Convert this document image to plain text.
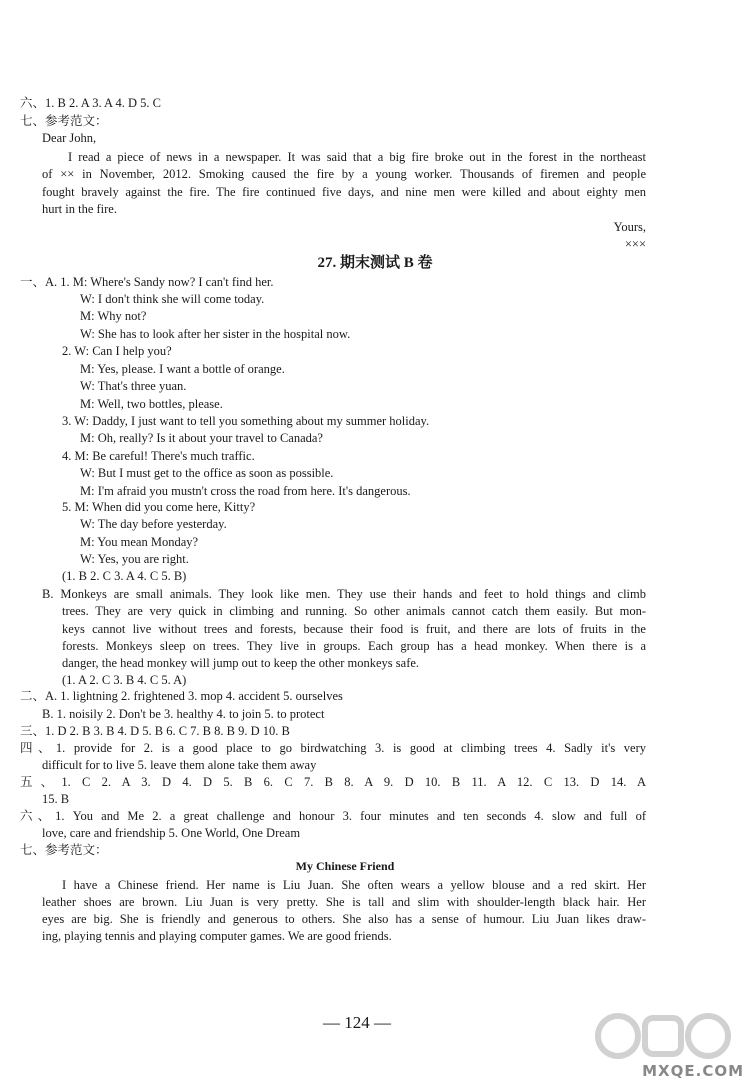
六、1. B 2. A 3. A 4. D 5. C
七、参考范文：
Dear John,
I read a piece of news in a newspaper. It was said that a big fire broke out in the forest in the northeast
of ×× in November, 2012. Smoking caused the fire by a young worker. Thousands of firemen and people
fought bravely against the fire. The fire continued five days, and nine men were killed and about eighty men
hurt in the fire.
Yours,
×××
27. 期末测试 B 卷
一、A. 1. M: Where's Sandy now? I can't find her.
W: I don't think she will come today.
M: Why not?
W: She has to look after her sister in the hospital now.
2. W: Can I help you?
M: Yes, please. I want a bottle of orange.
W: That's three yuan.
M: Well, two bottles, please.
3. W: Daddy, I just want to tell you something about my summer holiday.
M: Oh, really? Is it about your travel to Canada?
4. M: Be careful! There's much traffic.
W: But I must get to the office as soon as possible.
M: I'm afraid you mustn't cross the road from here. It's dangerous.
5. M: When did you come here, Kitty?
W: The day before yesterday.
M: You mean Monday?
W: Yes, you are right.
(1. B 2. C 3. A 4. C 5. B)
B. Monkeys are small animals. They look like men. They use their hands and feet to hold things and climb
trees. They are very quick in climbing and running. So other animals cannot catch them easily. But mon-
keys cannot live without trees and forests, because their food is fruit, and there are lots of fruits in the
forests. Monkeys sleep on trees. They live in groups. Each group has a head monkey. When there is a
danger, the head monkey will jump out to keep the other monkeys safe.
(1. A 2. C 3. B 4. C 5. A)
二、A. 1. lightning 2. frightened 3. mop 4. accident 5. ourselves
B. 1. noisily 2. Don't be 3. healthy 4. to join 5. to protect
三、1. D 2. B 3. B 4. D 5. B 6. C 7. B 8. B 9. D 10. B
四、1. provide for 2. is a good place to go birdwatching 3. is good at climbing trees 4. Sadly it's very
difficult for to live 5. leave them alone take them away
五、1. C 2. A 3. D 4. D 5. B 6. C 7. B 8. A 9. D 10. B 11. A 12. C 13. D 14. A
15. B
六、1. You and Me 2. a great challenge and honour 3. four minutes and ten seconds 4. slow and full of
love, care and friendship 5. One World, One Dream
七、参考范文：
My Chinese Friend
I have a Chinese friend. Her name is Liu Juan. She often wears a yellow blouse and a red skirt. Her
leather shoes are brown. Liu Juan is very pretty. She is tall and slim with shoulder-length black hair. Her
eyes are big. She is friendly and generous to others. She also has a sense of humour. Liu Juan likes draw-
ing, playing tennis and playing computer games. We are good friends.
— 124 —
MXQE.COM
